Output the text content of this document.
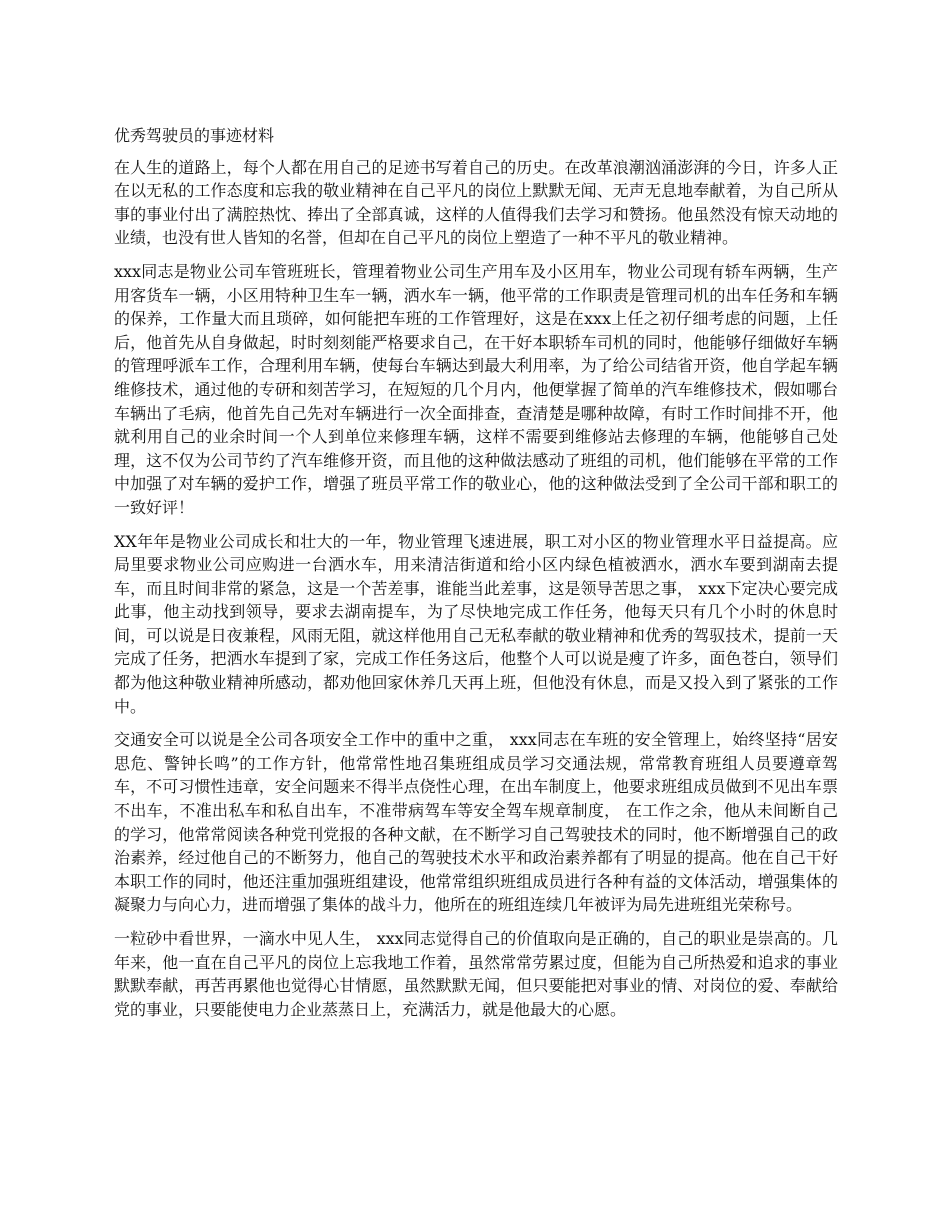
优秀驾驶员的事迹材料

在人生的道路上，每个人都在用自己的足迹书写着自己的历史。在改革浪潮汹涌澎湃的今日，许多人正在以无私的工作态度和忘我的敬业精神在自己平凡的岗位上默默无闻、无声无息地奉献着，为自己所从事的事业付出了满腔热忱、捧出了全部真诚，这样的人值得我们去学习和赞扬。他虽然没有惊天动地的业绩，也没有世人皆知的名誉，但却在自己平凡的岗位上塑造了一种不平凡的敬业精神。

xxx同志是物业公司车管班班长，管理着物业公司生产用车及小区用车，物业公司现有轿车两辆，生产用客货车一辆，小区用特种卫生车一辆，洒水车一辆，他平常的工作职责是管理司机的出车任务和车辆的保养，工作量大而且琐碎，如何能把车班的工作管理好，这是在xxx上任之初仔细考虑的问题，上任后，他首先从自身做起，时时刻刻能严格要求自己，在干好本职轿车司机的同时，他能够仔细做好车辆的管理呼派车工作，合理利用车辆，使每台车辆达到最大利用率，为了给公司结省开资，他自学起车辆维修技术，通过他的专研和刻苦学习，在短短的几个月内，他便掌握了简单的汽车维修技术，假如哪台车辆出了毛病，他首先自己先对车辆进行一次全面排查，查清楚是哪种故障，有时工作时间排不开，他就利用自己的业余时间一个人到单位来修理车辆，这样不需要到维修站去修理的车辆，他能够自己处理，这不仅为公司节约了汽车维修开资，而且他的这种做法感动了班组的司机，他们能够在平常的工作中加强了对车辆的爱护工作，增强了班员平常工作的敬业心，他的这种做法受到了全公司干部和职工的一致好评！

XX年年是物业公司成长和壮大的一年，物业管理飞速进展，职工对小区的物业管理水平日益提高。应局里要求物业公司应购进一台洒水车，用来清洁街道和给小区内绿色植被洒水，洒水车要到湖南去提车，而且时间非常的紧急，这是一个苦差事，谁能当此差事，这是领导苦思之事， xxx下定决心要完成此事，他主动找到领导，要求去湖南提车，为了尽快地完成工作任务，他每天只有几个小时的休息时间，可以说是日夜兼程，风雨无阻，就这样他用自己无私奉献的敬业精神和优秀的驾驭技术，提前一天完成了任务，把洒水车提到了家，完成工作任务这后，他整个人可以说是瘦了许多，面色苍白，领导们都为他这种敬业精神所感动，都劝他回家休养几天再上班，但他没有休息，而是又投入到了紧张的工作中。

交通安全可以说是全公司各项安全工作中的重中之重， xxx同志在车班的安全管理上，始终坚持“居安思危、警钟长鸣”的工作方针，他常常性地召集班组成员学习交通法规，常常教育班组人员要遵章驾车，不可习惯性违章，安全问题来不得半点侥性心理，在出车制度上，他要求班组成员做到不见出车票不出车，不准出私车和私自出车，不准带病驾车等安全驾车规章制度， 在工作之余，他从未间断自己的学习，他常常阅读各种党刊党报的各种文献，在不断学习自己驾驶技术的同时，他不断增强自己的政治素养，经过他自己的不断努力，他自己的驾驶技术水平和政治素养都有了明显的提高。他在自己干好本职工作的同时，他还注重加强班组建设，他常常组织班组成员进行各种有益的文体活动，增强集体的凝聚力与向心力，进而增强了集体的战斗力，他所在的班组连续几年被评为局先进班组光荣称号。

一粒砂中看世界，一滴水中见人生， xxx同志觉得自己的价值取向是正确的，自己的职业是崇高的。几年来，他一直在自己平凡的岗位上忘我地工作着，虽然常常劳累过度，但能为自己所热爱和追求的事业默默奉献，再苦再累他也觉得心甘情愿，虽然默默无闻，但只要能把对事业的情、对岗位的爱、奉献给党的事业，只要能使电力企业蒸蒸日上，充满活力，就是他最大的心愿。
